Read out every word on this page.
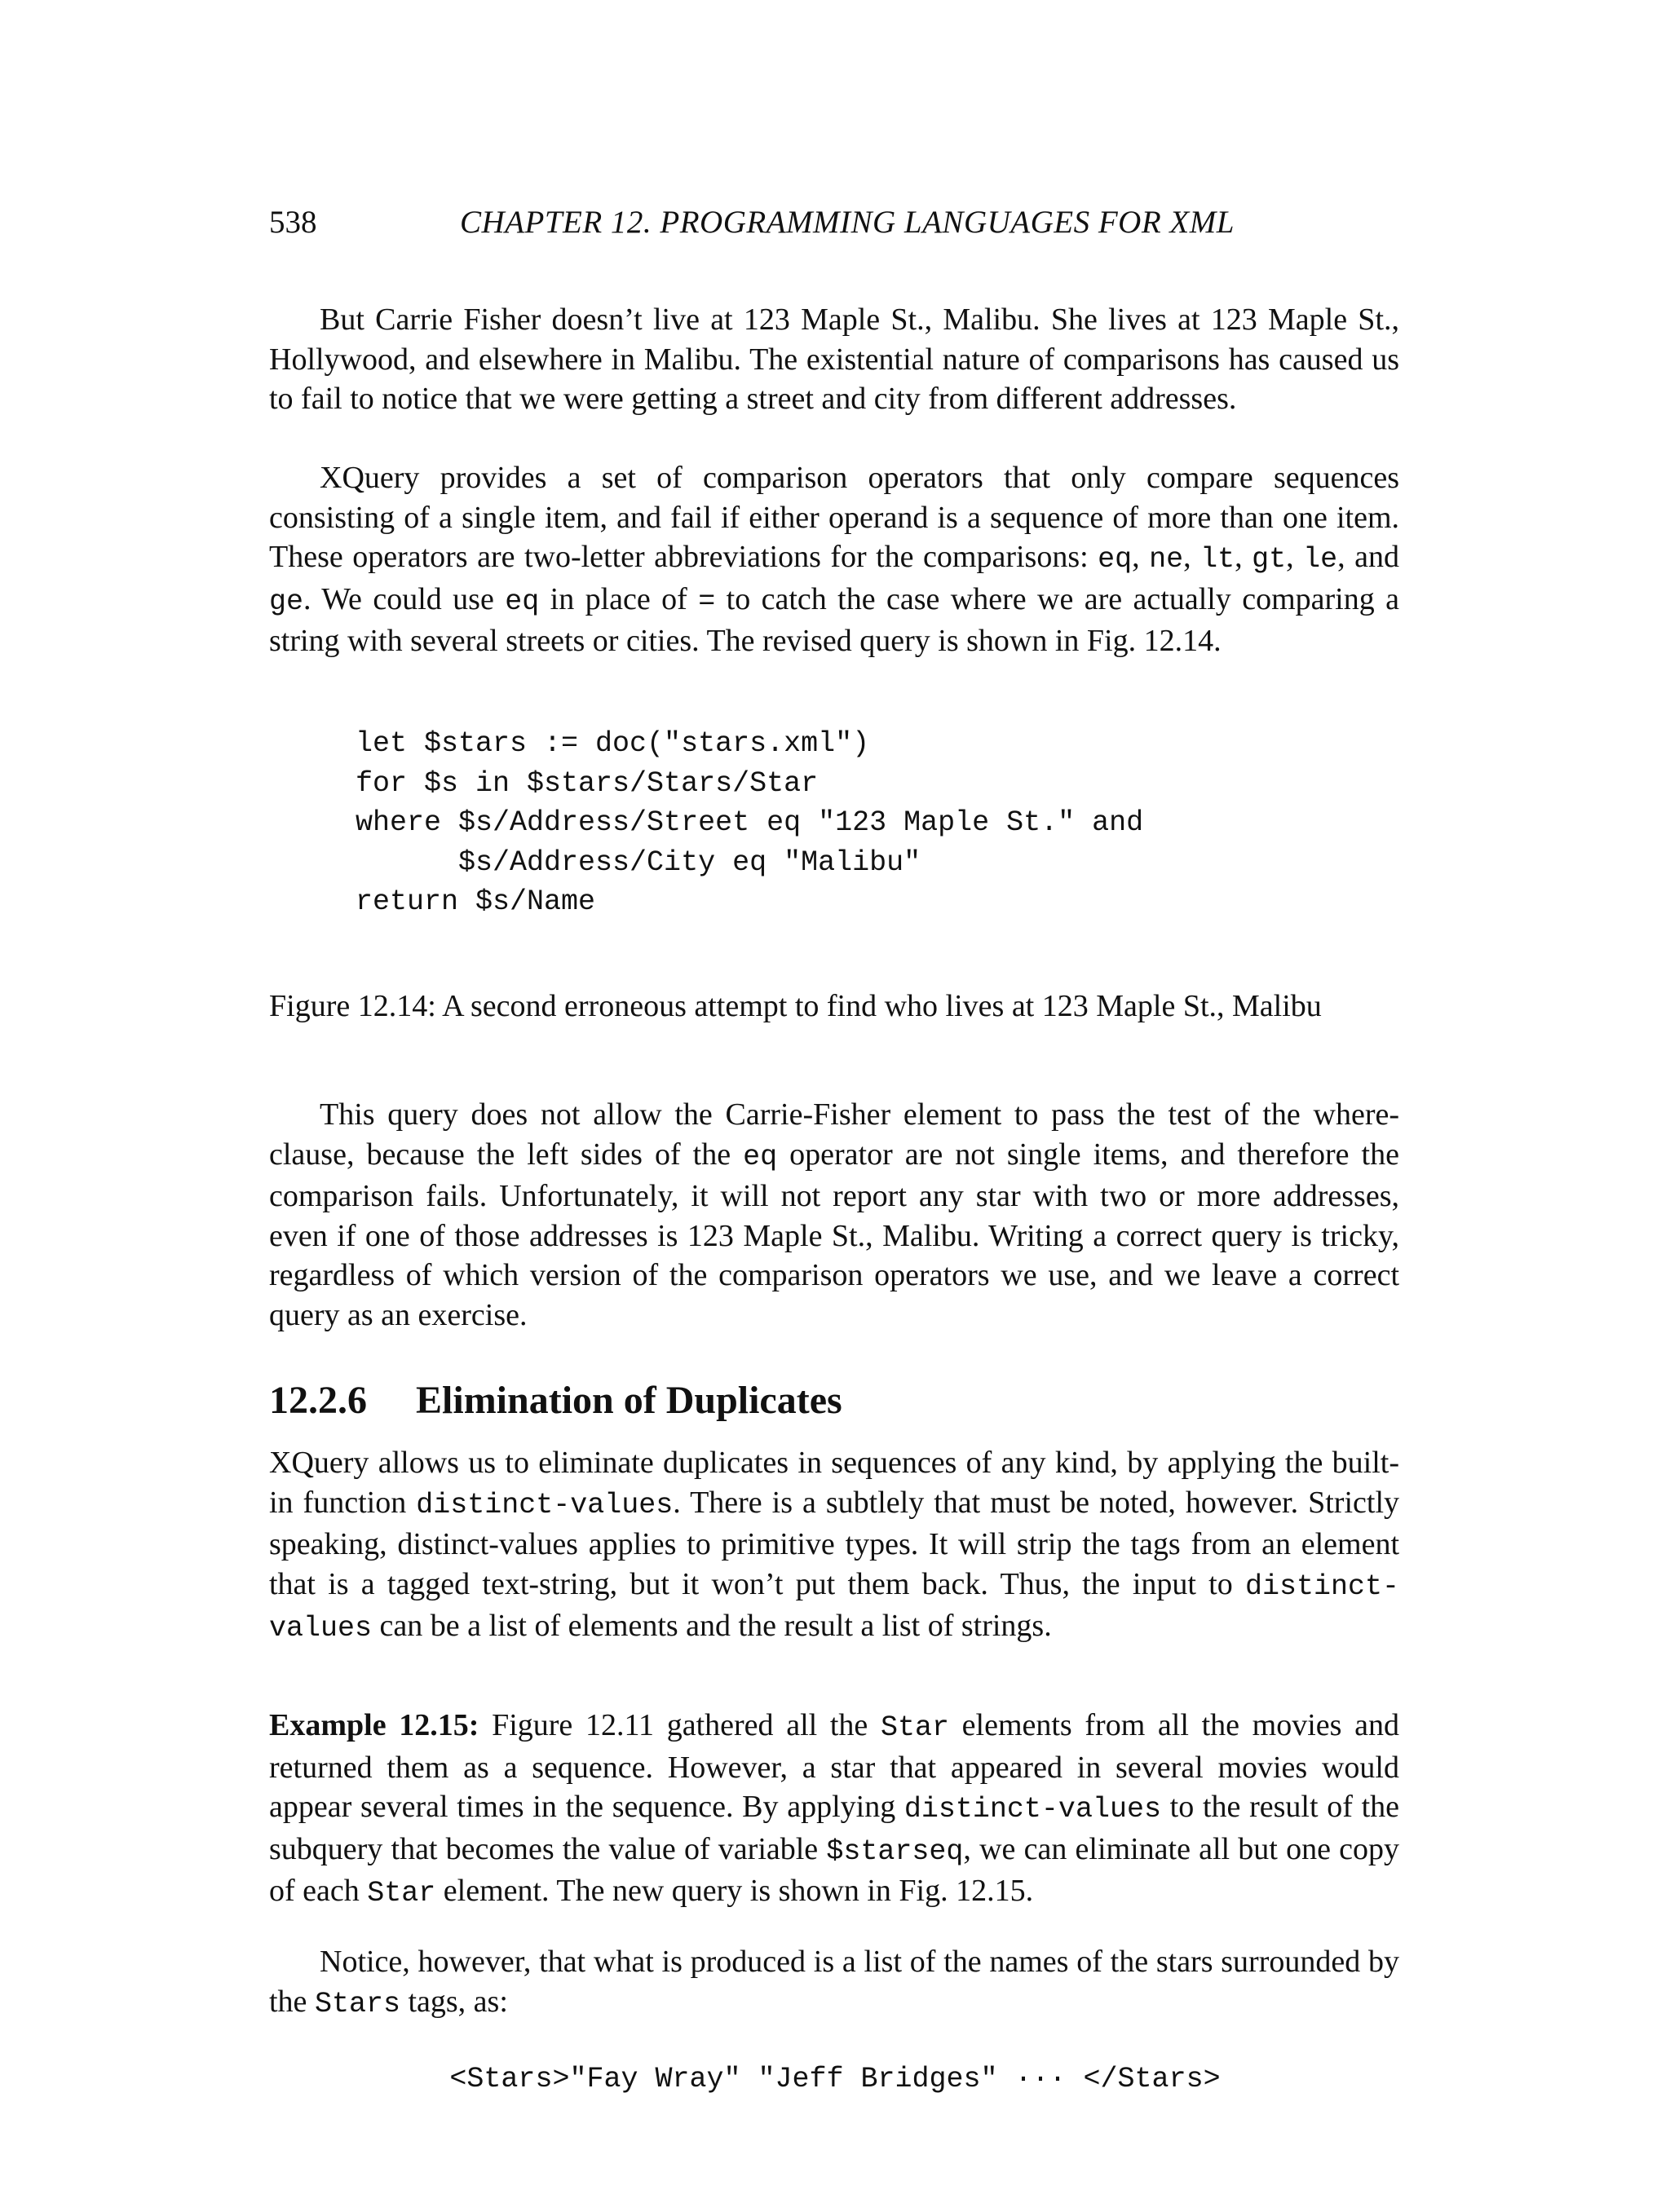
538	CHAPTER 12. PROGRAMMING LANGUAGES FOR XML

But Carrie Fisher doesn’t live at 123 Maple St., Malibu. She lives at 123 Maple St., Hollywood, and elsewhere in Malibu. The existential nature of comparisons has caused us to fail to notice that we were getting a street and city from different addresses.

XQuery provides a set of comparison operators that only compare sequences consisting of a single item, and fail if either operand is a sequence of more than one item. These operators are two-letter abbreviations for the comparisons: eq, ne, lt, gt, le, and ge. We could use eq in place of = to catch the case where we are actually comparing a string with several streets or cities. The revised query is shown in Fig. 12.14.

let $stars := doc("stars.xml")
for $s in $stars/Stars/Star
where $s/Address/Street eq "123 Maple St." and
$s/Address/City eq "Malibu"
return $s/Name

Figure 12.14: A second erroneous attempt to find who lives at 123 Maple St., Malibu

This query does not allow the Carrie-Fisher element to pass the test of the where-clause, because the left sides of the eq operator are not single items, and therefore the comparison fails. Unfortunately, it will not report any star with two or more addresses, even if one of those addresses is 123 Maple St., Malibu. Writing a correct query is tricky, regardless of which version of the comparison operators we use, and we leave a correct query as an exercise.

12.2.6 Elimination of Duplicates

XQuery allows us to eliminate duplicates in sequences of any kind, by applying the built-in function distinct-values. There is a subtlely that must be noted, however. Strictly speaking, distinct-values applies to primitive types. It will strip the tags from an element that is a tagged text-string, but it won’t put them back. Thus, the input to distinct-values can be a list of elements and the result a list of strings.

Example 12.15: Figure 12.11 gathered all the Star elements from all the movies and returned them as a sequence. However, a star that appeared in several movies would appear several times in the sequence. By applying distinct-values to the result of the subquery that becomes the value of variable $starseq, we can eliminate all but one copy of each Star element. The new query is shown in Fig. 12.15.

Notice, however, that what is produced is a list of the names of the stars surrounded by the Stars tags, as:

<Stars>"Fay Wray" "Jeff Bridges" ··· </Stars>
